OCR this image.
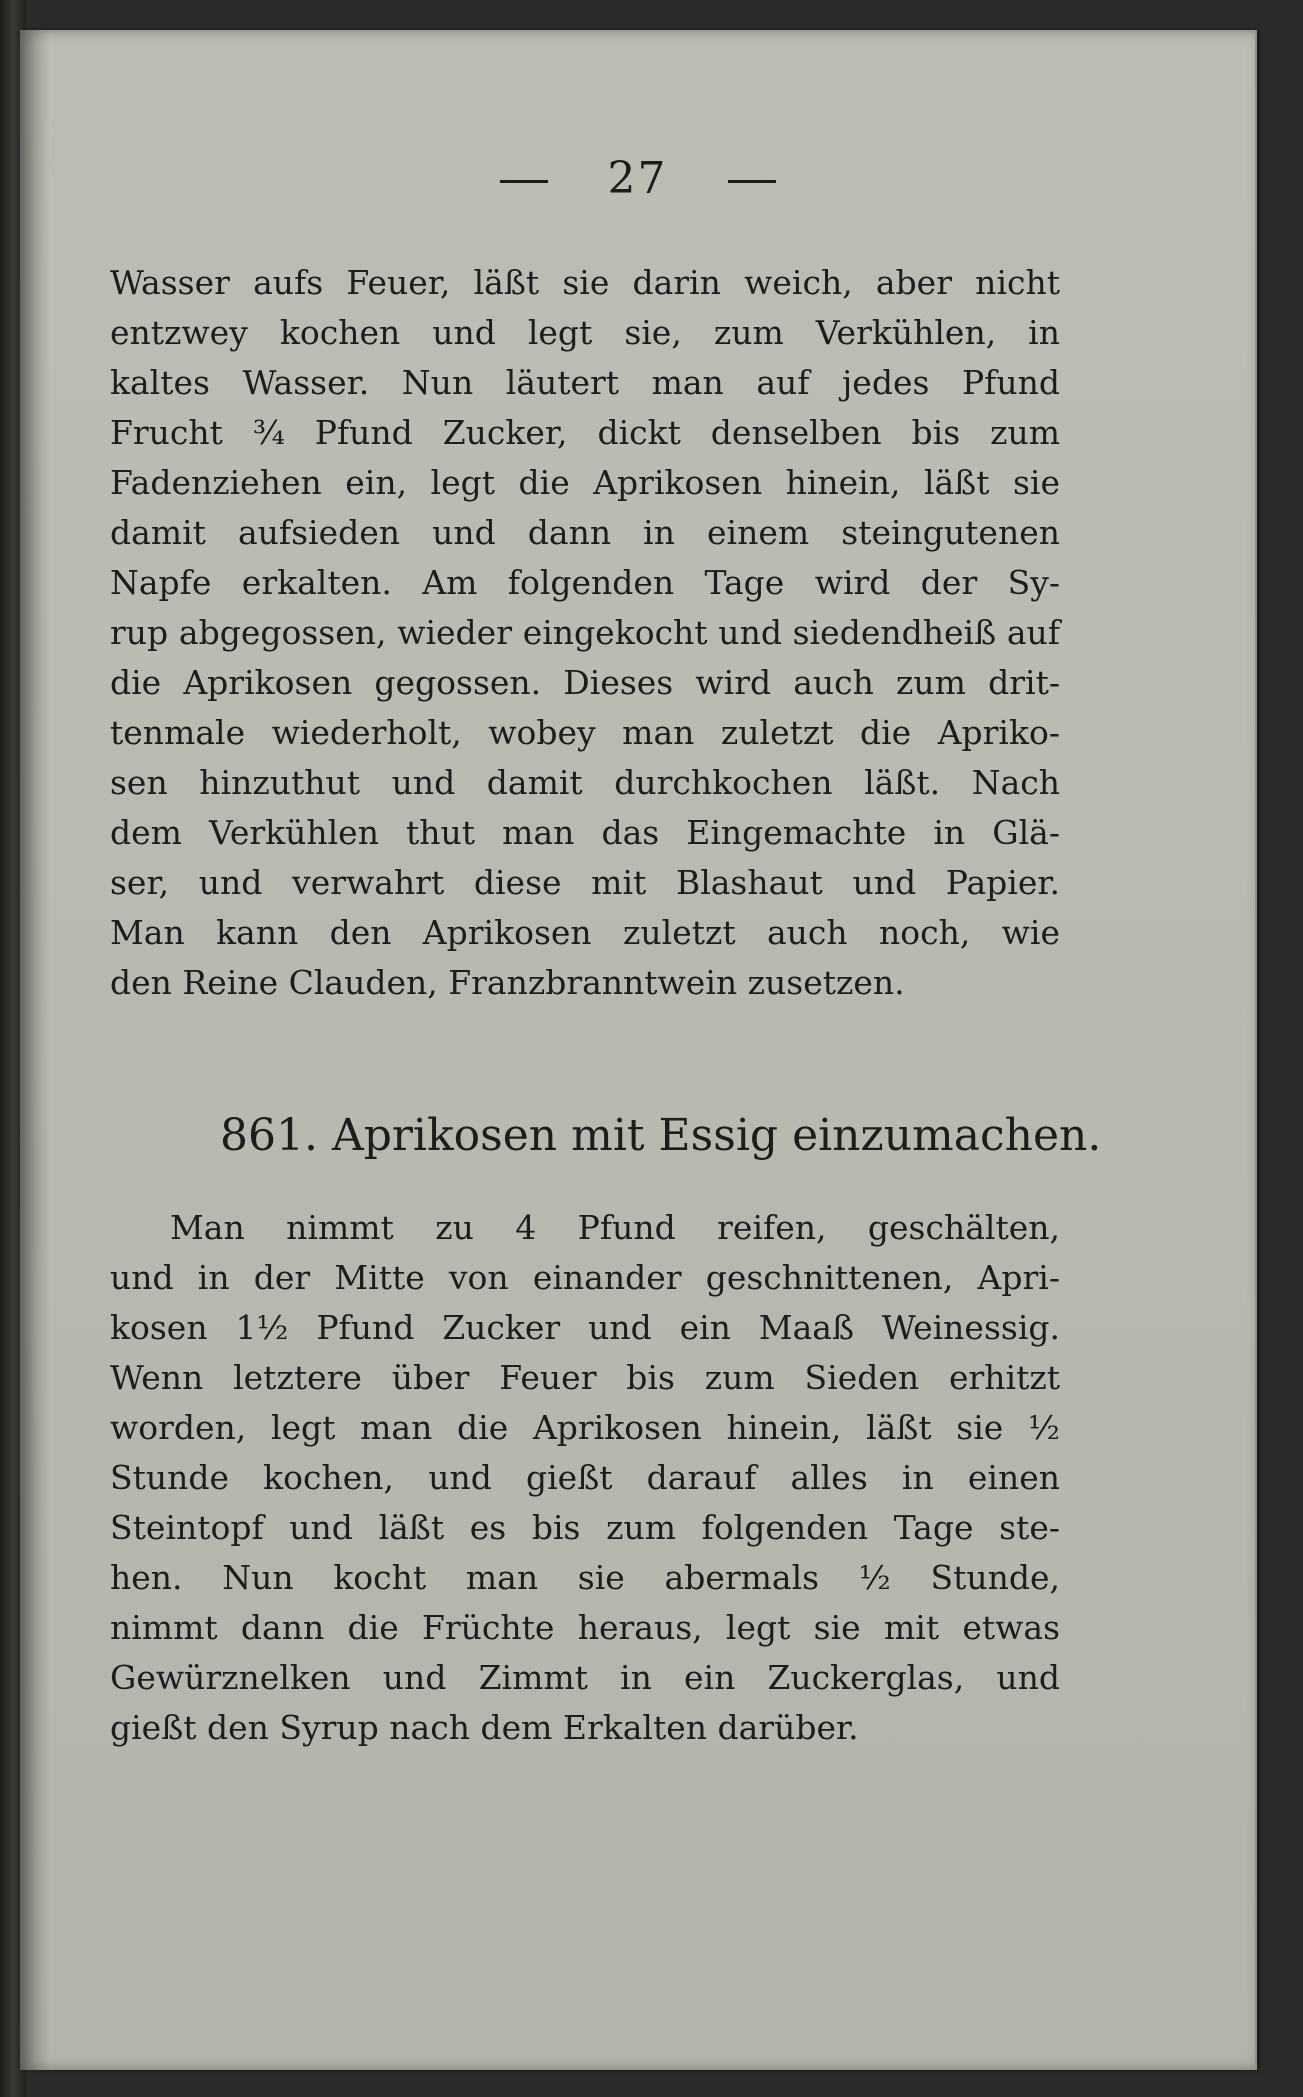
27
Wasser aufs Feuer, läßt sie darin weich, aber nicht
entzwey kochen und legt sie, zum Verkühlen, in
kaltes Wasser. Nun läutert man auf jedes Pfund
Frucht ¾ Pfund Zucker, dickt denselben bis zum
Fadenziehen ein, legt die Aprikosen hinein, läßt sie
damit aufsieden und dann in einem steingutenen
Napfe erkalten. Am folgenden Tage wird der Sy-
rup abgegossen, wieder eingekocht und siedendheiß auf
die Aprikosen gegossen. Dieses wird auch zum drit-
tenmale wiederholt, wobey man zuletzt die Apriko-
sen hinzuthut und damit durchkochen läßt. Nach
dem Verkühlen thut man das Eingemachte in Glä-
ser, und verwahrt diese mit Blashaut und Papier.
Man kann den Aprikosen zuletzt auch noch, wie
den Reine Clauden, Franzbranntwein zusetzen.
861. Aprikosen mit Essig einzumachen.
Man nimmt zu 4 Pfund reifen, geschälten,
und in der Mitte von einander geschnittenen, Apri-
kosen 1½ Pfund Zucker und ein Maaß Weinessig.
Wenn letztere über Feuer bis zum Sieden erhitzt
worden, legt man die Aprikosen hinein, läßt sie ½
Stunde kochen, und gießt darauf alles in einen
Steintopf und läßt es bis zum folgenden Tage ste-
hen. Nun kocht man sie abermals ½ Stunde,
nimmt dann die Früchte heraus, legt sie mit etwas
Gewürznelken und Zimmt in ein Zuckerglas, und
gießt den Syrup nach dem Erkalten darüber.
